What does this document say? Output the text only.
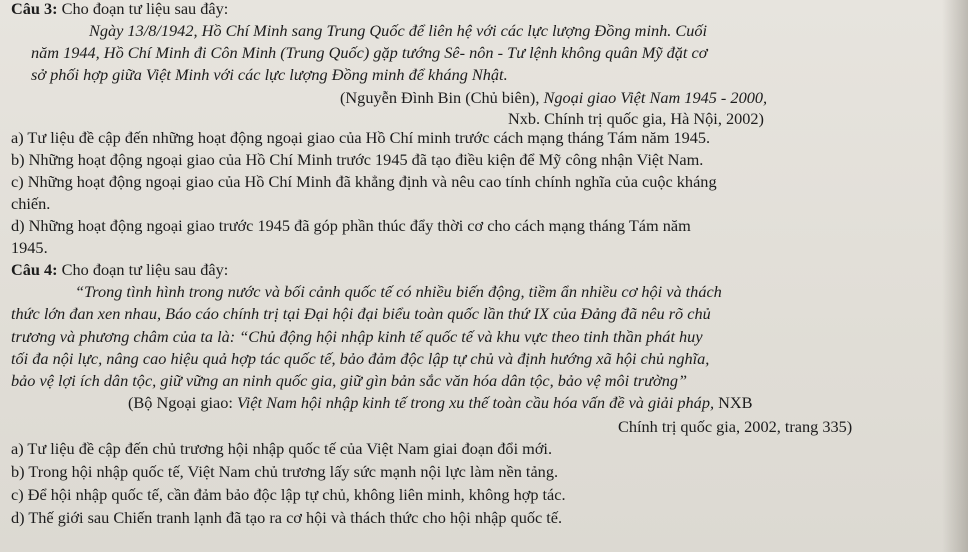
Câu 3: Cho đoạn tư liệu sau đây:
Ngày 13/8/1942, Hồ Chí Minh sang Trung Quốc để liên hệ với các lực lượng Đồng minh. Cuối
năm 1944, Hồ Chí Minh đi Côn Minh (Trung Quốc) gặp tướng Sê- nôn - Tư lệnh không quân Mỹ đặt cơ
sở phối hợp giữa Việt Minh với các lực lượng Đồng minh để kháng Nhật.
(Nguyễn Đình Bin (Chủ biên), Ngoại giao Việt Nam 1945 - 2000,
Nxb. Chính trị quốc gia, Hà Nội, 2002)
a) Tư liệu đề cập đến những hoạt động ngoại giao của Hồ Chí minh trước cách mạng tháng Tám năm 1945.
b) Những hoạt động ngoại giao của Hồ Chí Minh trước 1945 đã tạo điều kiện để Mỹ công nhận Việt Nam.
c) Những hoạt động ngoại giao của Hồ Chí Minh đã khẳng định và nêu cao tính chính nghĩa của cuộc kháng
chiến.
d) Những hoạt động ngoại giao trước 1945 đã góp phần thúc đẩy thời cơ cho cách mạng tháng Tám năm
1945.
Câu 4: Cho đoạn tư liệu sau đây:
“Trong tình hình trong nước và bối cảnh quốc tế có nhiều biến động, tiềm ẩn nhiều cơ hội và thách
thức lớn đan xen nhau, Báo cáo chính trị tại Đại hội đại biểu toàn quốc lần thứ IX của Đảng đã nêu rõ chủ
trương và phương châm của ta là: “Chủ động hội nhập kinh tế quốc tế và khu vực theo tinh thần phát huy
tối đa nội lực, nâng cao hiệu quả hợp tác quốc tế, bảo đảm độc lập tự chủ và định hướng xã hội chủ nghĩa,
bảo vệ lợi ích dân tộc, giữ vững an ninh quốc gia, giữ gìn bản sắc văn hóa dân tộc, bảo vệ môi trường”
(Bộ Ngoại giao: Việt Nam hội nhập kinh tế trong xu thế toàn cầu hóa vấn đề và giải pháp, NXB
Chính trị quốc gia, 2002, trang 335)
a) Tư liệu đề cập đến chủ trương hội nhập quốc tế của Việt Nam giai đoạn đổi mới.
b) Trong hội nhập quốc tế, Việt Nam chủ trương lấy sức mạnh nội lực làm nền tảng.
c) Để hội nhập quốc tế, cần đảm bảo độc lập tự chủ, không liên minh, không hợp tác.
d) Thế giới sau Chiến tranh lạnh đã tạo ra cơ hội và thách thức cho hội nhập quốc tế.
